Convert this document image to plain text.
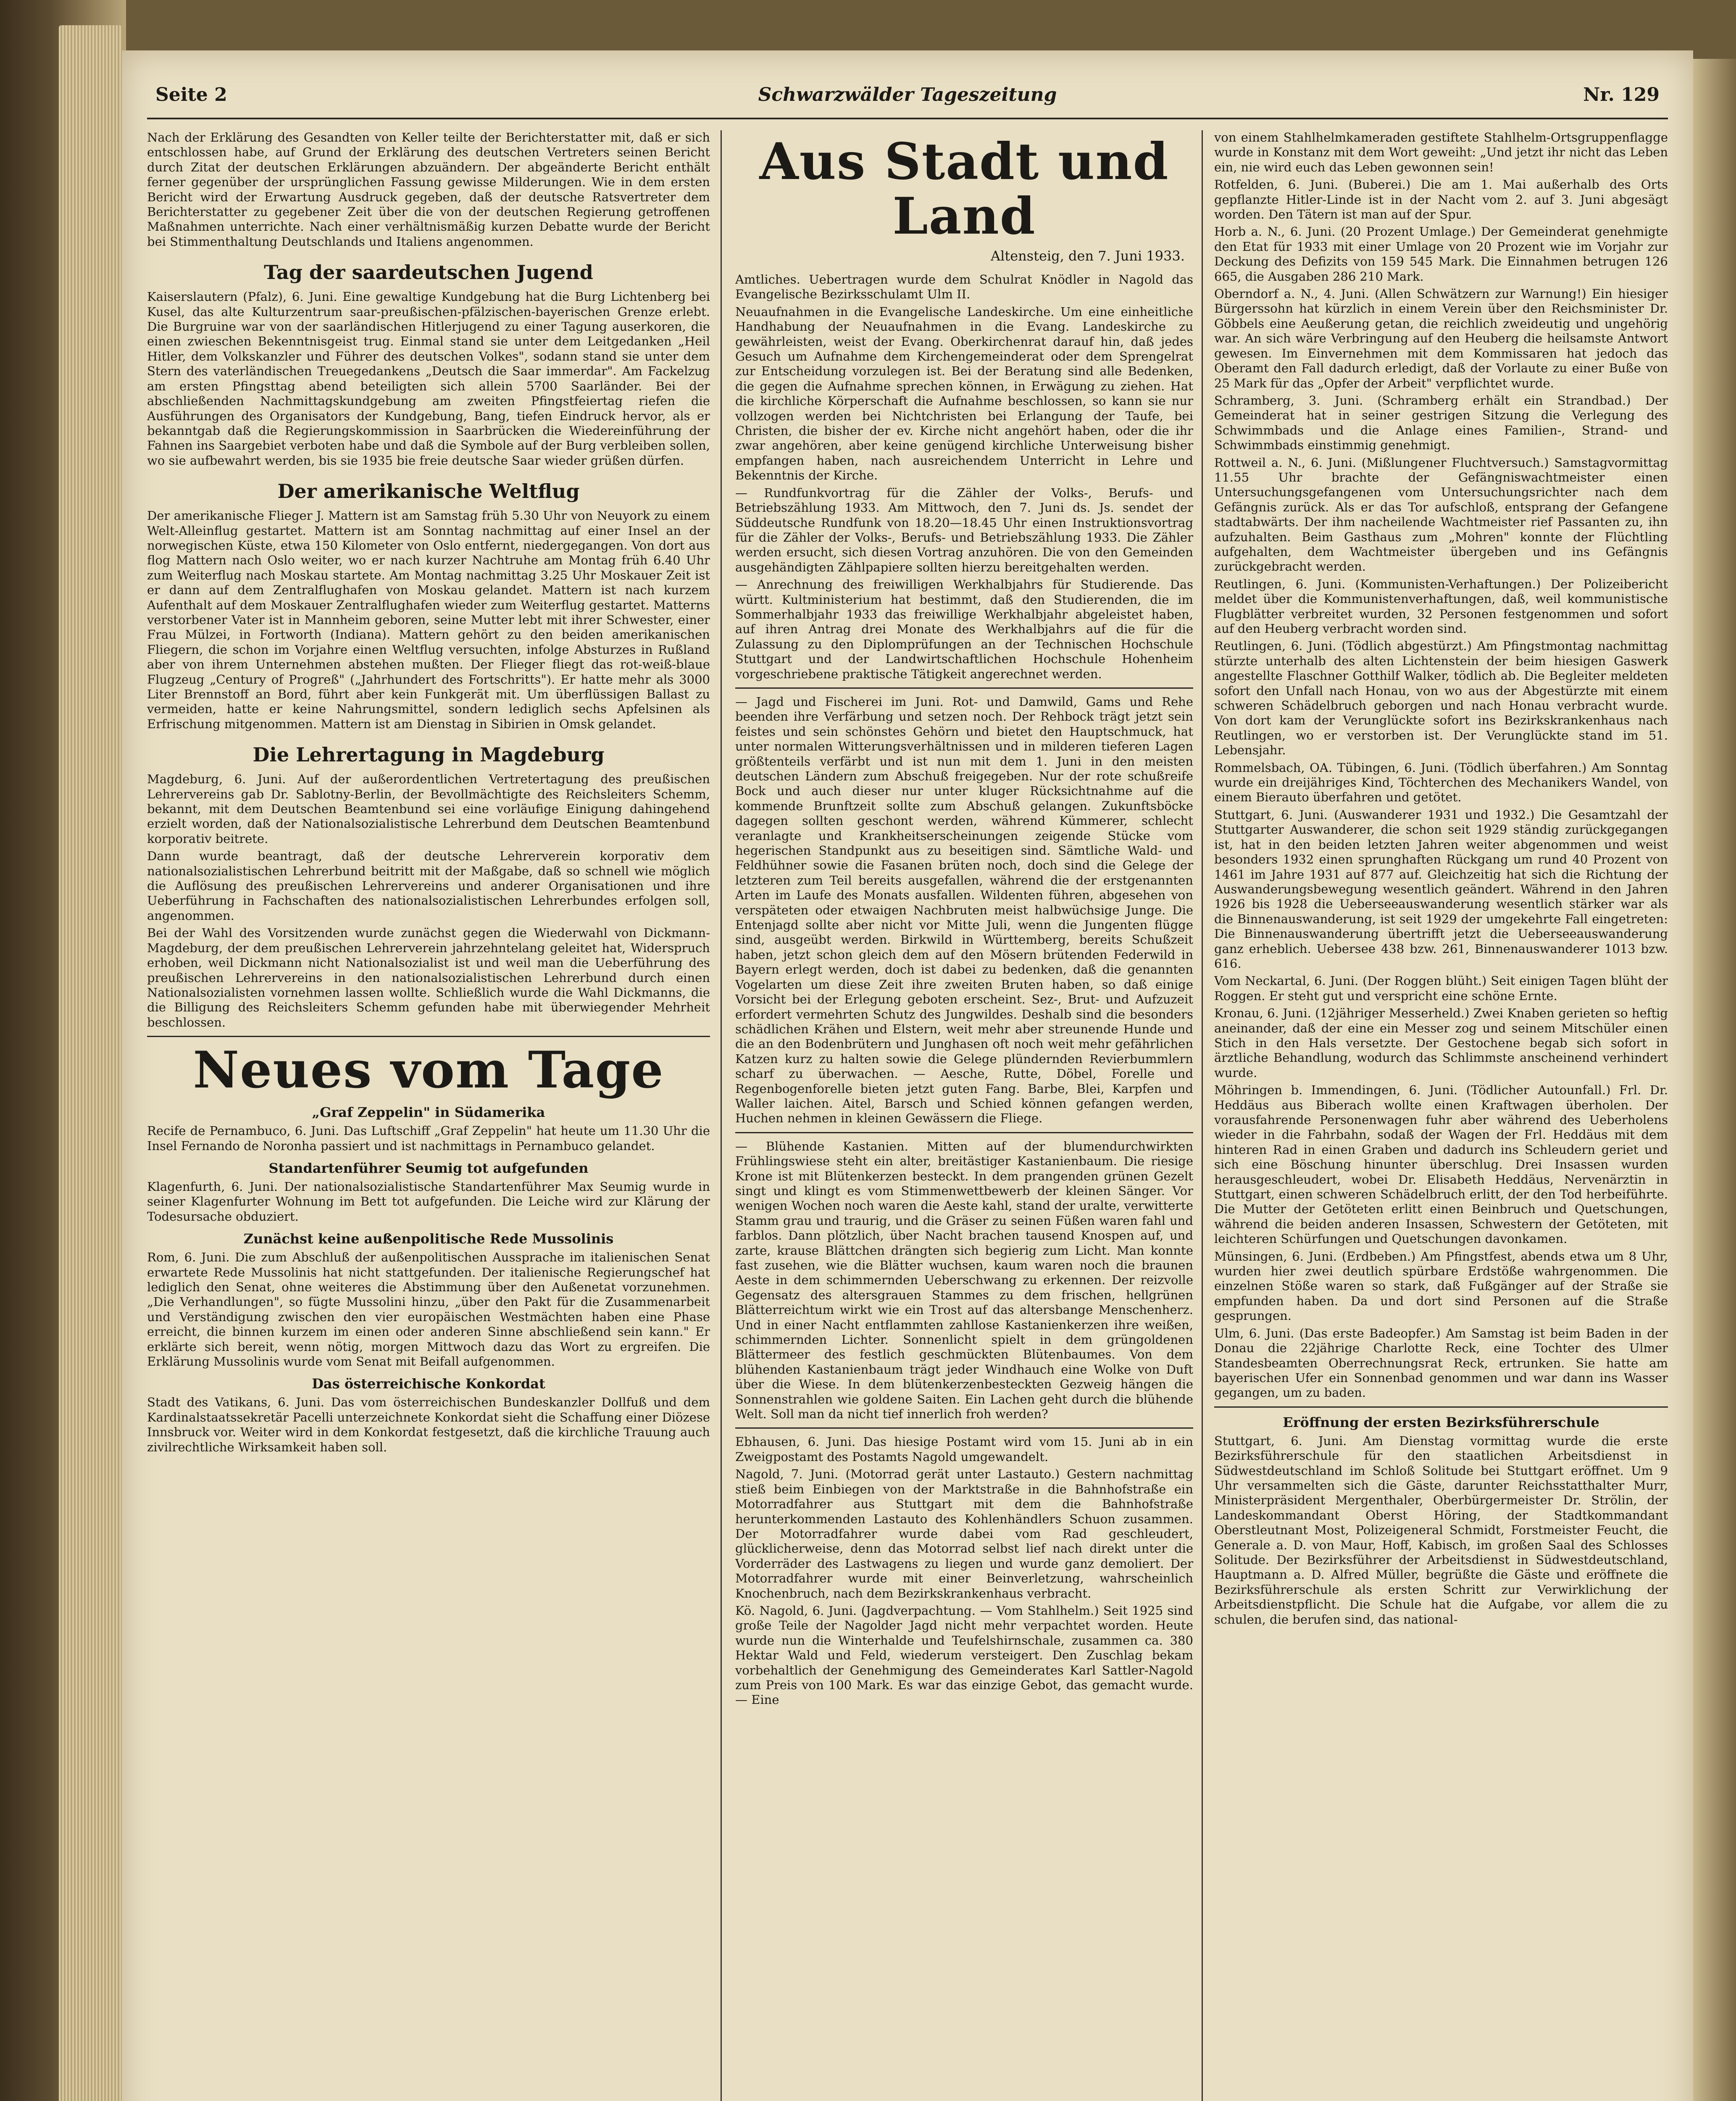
Seite 2	Schwarzwälder Tageszeitung	Nr. 129

Nach der Erklärung des Gesandten von Keller teilte der Berichterstatter mit, daß er sich entschlossen habe, auf Grund der Erklärung des deutschen Vertreters seinen Bericht durch Zitat der deutschen Erklärungen abzuändern. Der abgeänderte Bericht enthält ferner gegenüber der ursprünglichen Fassung gewisse Milderungen. Wie in dem ersten Bericht wird der Erwartung Ausdruck gegeben, daß der deutsche Ratsvertreter dem Berichterstatter zu gegebener Zeit über die von der deutschen Regierung getroffenen Maßnahmen unterrichte. Nach einer verhältnismäßig kurzen Debatte wurde der Bericht bei Stimmenthaltung Deutschlands und Italiens angenommen.

Tag der saardeutschen Jugend

Kaiserslautern (Pfalz), 6. Juni. Eine gewaltige Kundgebung hat die Burg Lichtenberg bei Kusel, das alte Kulturzentrum saar-preußischen-pfälzischen-bayerischen Grenze erlebt. Die Burgruine war von der saarländischen Hitlerjugend zu einer Tagung auserkoren, die einen zwieschen Bekenntnisgeist trug. Einmal stand sie unter dem Leitgedanken „Heil Hitler, dem Volkskanzler und Führer des deutschen Volkes", sodann stand sie unter dem Stern des vaterländischen Treuegedankens „Deutsch die Saar immerdar". Am Fackelzug am ersten Pfingsttag abend beteiligten sich allein 5700 Saarländer. Bei der abschließenden Nachmittagskundgebung am zweiten Pfingstfeiertag riefen die Ausführungen des Organisators der Kundgebung, Bang, tiefen Eindruck hervor, als er bekanntgab daß die Regierungskommission in Saarbrücken die Wiedereinführung der Fahnen ins Saargebiet verboten habe und daß die Symbole auf der Burg verbleiben sollen, wo sie aufbewahrt werden, bis sie 1935 bie freie deutsche Saar wieder grüßen dürfen.

Der amerikanische Weltflug

Der amerikanische Flieger J. Mattern ist am Samstag früh 5.30 Uhr von Neuyork zu einem Welt-Alleinflug gestartet. Mattern ist am Sonntag nachmittag auf einer Insel an der norwegischen Küste, etwa 150 Kilometer von Oslo entfernt, niedergegangen. Von dort aus flog Mattern nach Oslo weiter, wo er nach kurzer Nachtruhe am Montag früh 6.40 Uhr zum Weiterflug nach Moskau startete. Am Montag nachmittag 3.25 Uhr Moskauer Zeit ist er dann auf dem Zentralflughafen von Moskau gelandet. Mattern ist nach kurzem Aufenthalt auf dem Moskauer Zentralflughafen wieder zum Weiterflug gestartet. Matterns verstorbener Vater ist in Mannheim geboren, seine Mutter lebt mit ihrer Schwester, einer Frau Mülzei, in Fortworth (Indiana). Mattern gehört zu den beiden amerikanischen Fliegern, die schon im Vorjahre einen Weltflug versuchten, infolge Absturzes in Rußland aber von ihrem Unternehmen abstehen mußten. Der Flieger fliegt das rot-weiß-blaue Flugzeug „Century of Progreß" („Jahrhundert des Fortschritts"). Er hatte mehr als 3000 Liter Brennstoff an Bord, führt aber kein Funkgerät mit. Um überflüssigen Ballast zu vermeiden, hatte er keine Nahrungsmittel, sondern lediglich sechs Apfelsinen als Erfrischung mitgenommen. Mattern ist am Dienstag in Sibirien in Omsk gelandet.

Die Lehrertagung in Magdeburg

Magdeburg, 6. Juni. Auf der außerordentlichen Vertretertagung des preußischen Lehrervereins gab Dr. Sablotny-Berlin, der Bevollmächtigte des Reichsleiters Schemm, bekannt, mit dem Deutschen Beamtenbund sei eine vorläufige Einigung dahingehend erzielt worden, daß der Nationalsozialistische Lehrerbund dem Deutschen Beamtenbund korporativ beitrete.

Dann wurde beantragt, daß der deutsche Lehrerverein korporativ dem nationalsozialistischen Lehrerbund beitritt mit der Maßgabe, daß so schnell wie möglich die Auflösung des preußischen Lehrervereins und anderer Organisationen und ihre Ueberführung in Fachschaften des nationalsozialistischen Lehrerbundes erfolgen soll, angenommen.

Bei der Wahl des Vorsitzenden wurde zunächst gegen die Wiederwahl von Dickmann-Magdeburg, der dem preußischen Lehrerverein jahrzehntelang geleitet hat, Widerspruch erhoben, weil Dickmann nicht Nationalsozialist ist und weil man die Ueberführung des preußischen Lehrervereins in den nationalsozialistischen Lehrerbund durch einen Nationalsozialisten vornehmen lassen wollte. Schließlich wurde die Wahl Dickmanns, die die Billigung des Reichsleiters Schemm gefunden habe mit überwiegender Mehrheit beschlossen.

Neues vom Tage
„Graf Zeppelin" in Südamerika

Recife de Pernambuco, 6. Juni. Das Luftschiff „Graf Zeppelin" hat heute um 11.30 Uhr die Insel Fernando de Noronha passiert und ist nachmittags in Pernambuco gelandet.

Standartenführer Seumig tot aufgefunden

Klagenfurth, 6. Juni. Der nationalsozialistische Standartenführer Max Seumig wurde in seiner Klagenfurter Wohnung im Bett tot aufgefunden. Die Leiche wird zur Klärung der Todesursache obduziert.

Zunächst keine außenpolitische Rede Mussolinis

Rom, 6. Juni. Die zum Abschluß der außenpolitischen Aussprache im italienischen Senat erwartete Rede Mussolinis hat nicht stattgefunden. Der italienische Regierungschef hat lediglich den Senat, ohne weiteres die Abstimmung über den Außenetat vorzunehmen. „Die Verhandlungen", so fügte Mussolini hinzu, „über den Pakt für die Zusammenarbeit und Verständigung zwischen den vier europäischen Westmächten haben eine Phase erreicht, die binnen kurzem im einen oder anderen Sinne abschließend sein kann." Er erklärte sich bereit, wenn nötig, morgen Mittwoch dazu das Wort zu ergreifen. Die Erklärung Mussolinis wurde vom Senat mit Beifall aufgenommen.

Das österreichische Konkordat

Stadt des Vatikans, 6. Juni. Das vom österreichischen Bundeskanzler Dollfuß und dem Kardinalstaatssekretär Pacelli unterzeichnete Konkordat sieht die Schaffung einer Diözese Innsbruck vor. Weiter wird in dem Konkordat festgesetzt, daß die kirchliche Trauung auch zivilrechtliche Wirksamkeit haben soll.

Aus Stadt und Land
Altensteig, den 7. Juni 1933.

Amtliches. Uebertragen wurde dem Schulrat Knödler in Nagold das Evangelische Bezirksschulamt Ulm II.

Neuaufnahmen in die Evangelische Landeskirche. Um eine einheitliche Handhabung der Neuaufnahmen in die Evang. Landeskirche zu gewährleisten, weist der Evang. Oberkirchenrat darauf hin, daß jedes Gesuch um Aufnahme dem Kirchengemeinderat oder dem Sprengelrat zur Entscheidung vorzulegen ist. Bei der Beratung sind alle Bedenken, die gegen die Aufnahme sprechen können, in Erwägung zu ziehen. Hat die kirchliche Körperschaft die Aufnahme beschlossen, so kann sie nur vollzogen werden bei Nichtchristen bei Erlangung der Taufe, bei Christen, die bisher der ev. Kirche nicht angehört haben, oder die ihr zwar angehören, aber keine genügend kirchliche Unterweisung bisher empfangen haben, nach ausreichendem Unterricht in Lehre und Bekenntnis der Kirche.

— Rundfunkvortrag für die Zähler der Volks-, Berufs- und Betriebszählung 1933. Am Mittwoch, den 7. Juni ds. Js. sendet der Süddeutsche Rundfunk von 18.20—18.45 Uhr einen Instruktionsvortrag für die Zähler der Volks-, Berufs- und Betriebszählung 1933. Die Zähler werden ersucht, sich diesen Vortrag anzuhören. Die von den Gemeinden ausgehändigten Zählpapiere sollten hierzu bereitgehalten werden.

— Anrechnung des freiwilligen Werkhalbjahrs für Studierende. Das württ. Kultministerium hat bestimmt, daß den Studierenden, die im Sommerhalbjahr 1933 das freiwillige Werkhalbjahr abgeleistet haben, auf ihren Antrag drei Monate des Werkhalbjahrs auf die für die Zulassung zu den Diplomprüfungen an der Technischen Hochschule Stuttgart und der Landwirtschaftlichen Hochschule Hohenheim vorgeschriebene praktische Tätigkeit angerechnet werden.

— Jagd und Fischerei im Juni. Rot- und Damwild, Gams und Rehe beenden ihre Verfärbung und setzen noch. Der Rehbock trägt jetzt sein feistes und sein schönstes Gehörn und bietet den Hauptschmuck, hat unter normalen Witterungsverhältnissen und in milderen tieferen Lagen größtenteils verfärbt und ist nun mit dem 1. Juni in den meisten deutschen Ländern zum Abschuß freigegeben. Nur der rote schußreife Bock und auch dieser nur unter kluger Rücksichtnahme auf die kommende Brunftzeit sollte zum Abschuß gelangen. Zukunftsböcke dagegen sollten geschont werden, während Kümmerer, schlecht veranlagte und Krankheitserscheinungen zeigende Stücke vom hegerischen Standpunkt aus zu beseitigen sind. Sämtliche Wald- und Feldhühner sowie die Fasanen brüten noch, doch sind die Gelege der letzteren zum Teil bereits ausgefallen, während die der erstgenannten Arten im Laufe des Monats ausfallen. Wildenten führen, abgesehen von verspäteten oder etwaigen Nachbruten meist halbwüchsige Junge. Die Entenjagd sollte aber nicht vor Mitte Juli, wenn die Jungenten flügge sind, ausgeübt werden. Birkwild in Württemberg, bereits Schußzeit haben, jetzt schon gleich dem auf den Mösern brütenden Federwild in Bayern erlegt werden, doch ist dabei zu bedenken, daß die genannten Vogelarten um diese Zeit ihre zweiten Bruten haben, so daß einige Vorsicht bei der Erlegung geboten erscheint. Sez-, Brut- und Aufzuzeit erfordert vermehrten Schutz des Jungwildes. Deshalb sind die besonders schädlichen Krähen und Elstern, weit mehr aber streunende Hunde und die an den Bodenbrütern und Junghasen oft noch weit mehr gefährlichen Katzen kurz zu halten sowie die Gelege plündernden Revierbummlern scharf zu überwachen. — Aesche, Rutte, Döbel, Forelle und Regenbogenforelle bieten jetzt guten Fang. Barbe, Blei, Karpfen und Waller laichen. Aitel, Barsch und Schied können gefangen werden, Huchen nehmen in kleinen Gewässern die Fliege.

— Blühende Kastanien. Mitten auf der blumendurchwirkten Frühlingswiese steht ein alter, breitästiger Kastanienbaum. Die riesige Krone ist mit Blütenkerzen besteckt. In dem prangenden grünen Gezelt singt und klingt es vom Stimmenwettbewerb der kleinen Sänger. Vor wenigen Wochen noch waren die Aeste kahl, stand der uralte, verwitterte Stamm grau und traurig, und die Gräser zu seinen Füßen waren fahl und farblos. Dann plötzlich, über Nacht brachen tausend Knospen auf, und zarte, krause Blättchen drängten sich begierig zum Licht. Man konnte fast zusehen, wie die Blätter wuchsen, kaum waren noch die braunen Aeste in dem schimmernden Ueberschwang zu erkennen. Der reizvolle Gegensatz des altersgrauen Stammes zu dem frischen, hellgrünen Blätterreichtum wirkt wie ein Trost auf das altersbange Menschenherz. Und in einer Nacht entflammten zahllose Kastanienkerzen ihre weißen, schimmernden Lichter. Sonnenlicht spielt in dem grüngoldenen Blättermeer des festlich geschmückten Blütenbaumes. Von dem blühenden Kastanienbaum trägt jeder Windhauch eine Wolke von Duft über die Wiese. In dem blütenkerzenbesteckten Gezweig hängen die Sonnenstrahlen wie goldene Saiten. Ein Lachen geht durch die blühende Welt. Soll man da nicht tief innerlich froh werden?

Ebhausen, 6. Juni. Das hiesige Postamt wird vom 15. Juni ab in ein Zweigpostamt des Postamts Nagold umgewandelt.

Nagold, 7. Juni. (Motorrad gerät unter Lastauto.) Gestern nachmittag stieß beim Einbiegen von der Marktstraße in die Bahnhofstraße ein Motorradfahrer aus Stuttgart mit dem die Bahnhofstraße herunterkommenden Lastauto des Kohlenhändlers Schuon zusammen. Der Motorradfahrer wurde dabei vom Rad geschleudert, glücklicherweise, denn das Motorrad selbst lief nach direkt unter die Vorderräder des Lastwagens zu liegen und wurde ganz demoliert. Der Motorradfahrer wurde mit einer Beinverletzung, wahrscheinlich Knochenbruch, nach dem Bezirkskrankenhaus verbracht.

Kö. Nagold, 6. Juni. (Jagdverpachtung. — Vom Stahlhelm.) Seit 1925 sind große Teile der Nagolder Jagd nicht mehr verpachtet worden. Heute wurde nun die Winterhalde und Teufelshirnschale, zusammen ca. 380 Hektar Wald und Feld, wiederum versteigert. Den Zuschlag bekam vorbehaltlich der Genehmigung des Gemeinderates Karl Sattler-Nagold zum Preis von 100 Mark. Es war das einzige Gebot, das gemacht wurde. — Eine

von einem Stahlhelmkameraden gestiftete Stahlhelm-Ortsgruppenflagge wurde in Konstanz mit dem Wort geweiht: „Und jetzt ihr nicht das Leben ein, nie wird euch das Leben gewonnen sein!

Rotfelden, 6. Juni. (Buberei.) Die am 1. Mai außerhalb des Orts gepflanzte Hitler-Linde ist in der Nacht vom 2. auf 3. Juni abgesägt worden. Den Tätern ist man auf der Spur.

Horb a. N., 6. Juni. (20 Prozent Umlage.) Der Gemeinderat genehmigte den Etat für 1933 mit einer Umlage von 20 Prozent wie im Vorjahr zur Deckung des Defizits von 159 545 Mark. Die Einnahmen betrugen 126 665, die Ausgaben 286 210 Mark.

Oberndorf a. N., 4. Juni. (Allen Schwätzern zur Warnung!) Ein hiesiger Bürgerssohn hat kürzlich in einem Verein über den Reichsminister Dr. Göbbels eine Aeußerung getan, die reichlich zweideutig und ungehörig war. An sich wäre Verbringung auf den Heuberg die heilsamste Antwort gewesen. Im Einvernehmen mit dem Kommissaren hat jedoch das Oberamt den Fall dadurch erledigt, daß der Vorlaute zu einer Buße von 25 Mark für das „Opfer der Arbeit" verpflichtet wurde.

Schramberg, 3. Juni. (Schramberg erhält ein Strandbad.) Der Gemeinderat hat in seiner gestrigen Sitzung die Verlegung des Schwimmbads und die Anlage eines Familien-, Strand- und Schwimmbads einstimmig genehmigt.

Rottweil a. N., 6. Juni. (Mißlungener Fluchtversuch.) Samstagvormittag 11.55 Uhr brachte der Gefängniswachtmeister einen Untersuchungsgefangenen vom Untersuchungsrichter nach dem Gefängnis zurück. Als er das Tor aufschloß, entsprang der Gefangene stadtabwärts. Der ihm nacheilende Wachtmeister rief Passanten zu, ihn aufzuhalten. Beim Gasthaus zum „Mohren" konnte der Flüchtling aufgehalten, dem Wachtmeister übergeben und ins Gefängnis zurückgebracht werden.

Reutlingen, 6. Juni. (Kommunisten-Verhaftungen.) Der Polizeibericht meldet über die Kommunistenverhaftungen, daß, weil kommunistische Flugblätter verbreitet wurden, 32 Personen festgenommen und sofort auf den Heuberg verbracht worden sind.

Reutlingen, 6. Juni. (Tödlich abgestürzt.) Am Pfingstmontag nachmittag stürzte unterhalb des alten Lichtenstein der beim hiesigen Gaswerk angestellte Flaschner Gotthilf Walker, tödlich ab. Die Begleiter meldeten sofort den Unfall nach Honau, von wo aus der Abgestürzte mit einem schweren Schädelbruch geborgen und nach Honau verbracht wurde. Von dort kam der Verunglückte sofort ins Bezirkskrankenhaus nach Reutlingen, wo er verstorben ist. Der Verunglückte stand im 51. Lebensjahr.

Rommelsbach, OA. Tübingen, 6. Juni. (Tödlich überfahren.) Am Sonntag wurde ein dreijähriges Kind, Töchterchen des Mechanikers Wandel, von einem Bierauto überfahren und getötet.

Stuttgart, 6. Juni. (Auswanderer 1931 und 1932.) Die Gesamtzahl der Stuttgarter Auswanderer, die schon seit 1929 ständig zurückgegangen ist, hat in den beiden letzten Jahren weiter abgenommen und weist besonders 1932 einen sprunghaften Rückgang um rund 40 Prozent von 1461 im Jahre 1931 auf 877 auf. Gleichzeitig hat sich die Richtung der Auswanderungsbewegung wesentlich geändert. Während in den Jahren 1926 bis 1928 die Ueberseeauswanderung wesentlich stärker war als die Binnenauswanderung, ist seit 1929 der umgekehrte Fall eingetreten: Die Binnenauswanderung übertrifft jetzt die Ueberseeauswanderung ganz erheblich. Uebersee 438 bzw. 261, Binnenauswanderer 1013 bzw. 616.

Vom Neckartal, 6. Juni. (Der Roggen blüht.) Seit einigen Tagen blüht der Roggen. Er steht gut und verspricht eine schöne Ernte.

Kronau, 6. Juni. (12jähriger Messerheld.) Zwei Knaben gerieten so heftig aneinander, daß der eine ein Messer zog und seinem Mitschüler einen Stich in den Hals versetzte. Der Gestochene begab sich sofort in ärztliche Behandlung, wodurch das Schlimmste anscheinend verhindert wurde.

Möhringen b. Immendingen, 6. Juni. (Tödlicher Autounfall.) Frl. Dr. Heddäus aus Biberach wollte einen Kraftwagen überholen. Der vorausfahrende Personenwagen fuhr aber während des Ueberholens wieder in die Fahrbahn, sodaß der Wagen der Frl. Heddäus mit dem hinteren Rad in einen Graben und dadurch ins Schleudern geriet und sich eine Böschung hinunter überschlug. Drei Insassen wurden herausgeschleudert, wobei Dr. Elisabeth Heddäus, Nervenärztin in Stuttgart, einen schweren Schädelbruch erlitt, der den Tod herbeiführte. Die Mutter der Getöteten erlitt einen Beinbruch und Quetschungen, während die beiden anderen Insassen, Schwestern der Getöteten, mit leichteren Schürfungen und Quetschungen davonkamen.

Münsingen, 6. Juni. (Erdbeben.) Am Pfingstfest, abends etwa um 8 Uhr, wurden hier zwei deutlich spürbare Erdstöße wahrgenommen. Die einzelnen Stöße waren so stark, daß Fußgänger auf der Straße sie empfunden haben. Da und dort sind Personen auf die Straße gesprungen.

Ulm, 6. Juni. (Das erste Badeopfer.) Am Samstag ist beim Baden in der Donau die 22jährige Charlotte Reck, eine Tochter des Ulmer Standesbeamten Oberrechnungsrat Reck, ertrunken. Sie hatte am bayerischen Ufer ein Sonnenbad genommen und war dann ins Wasser gegangen, um zu baden.

Eröffnung der ersten Bezirksführerschule

Stuttgart, 6. Juni. Am Dienstag vormittag wurde die erste Bezirksführerschule für den staatlichen Arbeitsdienst in Südwestdeutschland im Schloß Solitude bei Stuttgart eröffnet. Um 9 Uhr versammelten sich die Gäste, darunter Reichsstatthalter Murr, Ministerpräsident Mergenthaler, Oberbürgermeister Dr. Strölin, der Landeskommandant Oberst Höring, der Stadtkommandant Oberstleutnant Most, Polizeigeneral Schmidt, Forstmeister Feucht, die Generale a. D. von Maur, Hoff, Kabisch, im großen Saal des Schlosses Solitude. Der Bezirksführer der Arbeitsdienst in Südwestdeutschland, Hauptmann a. D. Alfred Müller, begrüßte die Gäste und eröffnete die Bezirksführerschule als ersten Schritt zur Verwirklichung der Arbeitsdienstpflicht. Die Schule hat die Aufgabe, vor allem die zu schulen, die berufen sind, das national-
